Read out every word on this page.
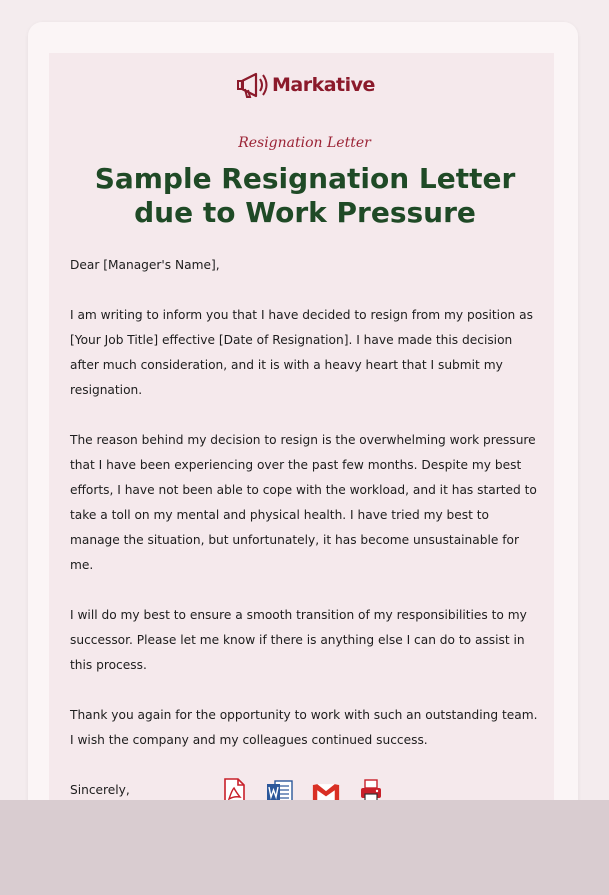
Markative
Resignation Letter
Sample Resignation Letter
due to Work Pressure

Dear [Manager's Name],

I am writing to inform you that I have decided to resign from my position as [Your Job Title] effective [Date of Resignation]. I have made this decision after much consideration, and it is with a heavy heart that I submit my resignation.

The reason behind my decision to resign is the overwhelming work pressure that I have been experiencing over the past few months. Despite my best efforts, I have not been able to cope with the workload, and it has started to take a toll on my mental and physical health. I have tried my best to manage the situation, but unfortunately, it has become unsustainable for me.

I will do my best to ensure a smooth transition of my responsibilities to my successor. Please let me know if there is anything else I can do to assist in this process.

Thank you again for the opportunity to work with such an outstanding team. I wish the company and my colleagues continued success.

Sincerely,
